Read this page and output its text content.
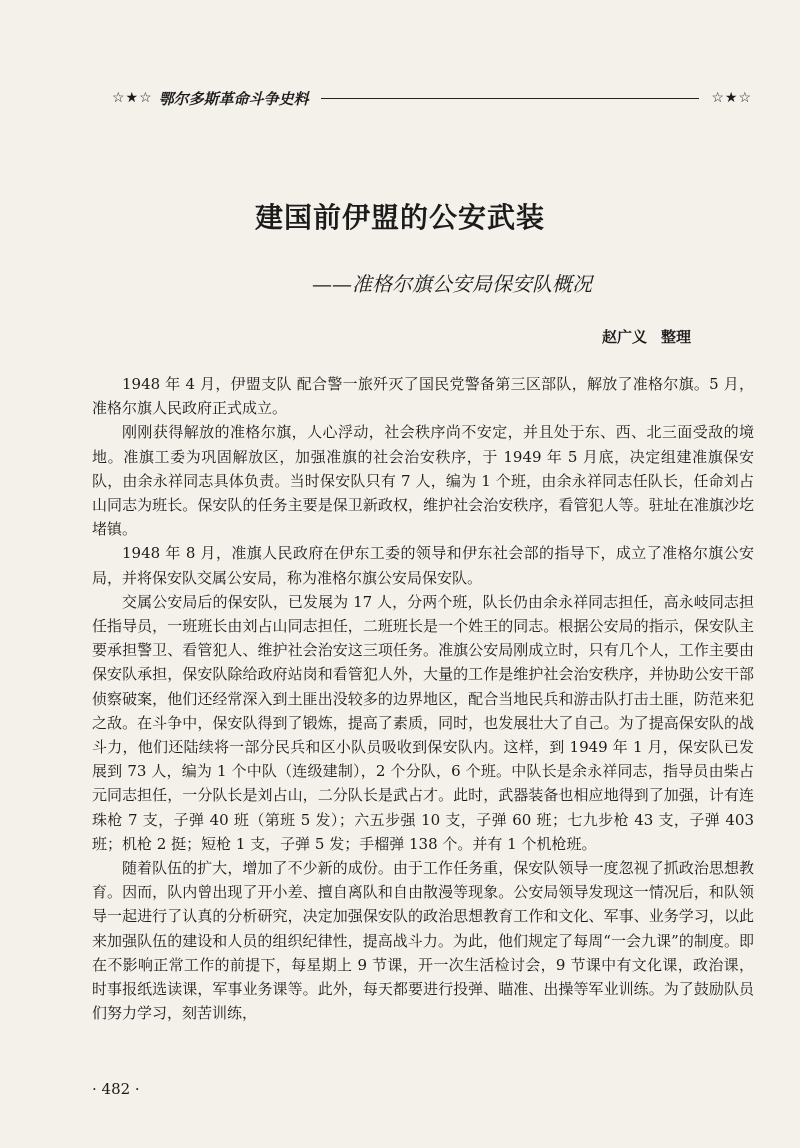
☆★☆ 鄂尔多斯革命斗争史料	☆★☆
建国前伊盟的公安武装
——准格尔旗公安局保安队概况
赵广义 整理

1948 年 4 月，伊盟支队 配合警一旅歼灭了国民党警备第三区部队，解放了准格尔旗。5 月，准格尔旗人民政府正式成立。

刚刚获得解放的准格尔旗，人心浮动，社会秩序尚不安定，并且处于东、西、北三面受敌的境地。准旗工委为巩固解放区，加强准旗的社会治安秩序，于 1949 年 5 月底，决定组建准旗保安队，由余永祥同志具体负责。当时保安队只有 7 人，编为 1 个班，由余永祥同志任队长，任命刘占山同志为班长。保安队的任务主要是保卫新政权，维护社会治安秩序，看管犯人等。驻址在准旗沙圪堵镇。

1948 年 8 月，准旗人民政府在伊东工委的领导和伊东社会部的指导下，成立了准格尔旗公安局，并将保安队交属公安局，称为准格尔旗公安局保安队。

交属公安局后的保安队，已发展为 17 人，分两个班，队长仍由余永祥同志担任，高永岐同志担任指导员，一班班长由刘占山同志担任，二班班长是一个姓王的同志。根据公安局的指示，保安队主要承担警卫、看管犯人、维护社会治安这三项任务。准旗公安局刚成立时，只有几个人，工作主要由保安队承担，保安队除给政府站岗和看管犯人外，大量的工作是维护社会治安秩序，并协助公安干部侦察破案，他们还经常深入到土匪出没较多的边界地区，配合当地民兵和游击队打击土匪，防范来犯之敌。在斗争中，保安队得到了锻炼，提高了素质，同时，也发展壮大了自己。为了提高保安队的战斗力，他们还陆续将一部分民兵和区小队员吸收到保安队内。这样，到 1949 年 1 月，保安队已发展到 73 人，编为 1 个中队（连级建制），2 个分队，6 个班。中队长是余永祥同志，指导员由柴占元同志担任，一分队长是刘占山，二分队长是武占才。此时，武器装备也相应地得到了加强，计有连珠枪 7 支，子弹 40 班（第班 5 发）；六五步强 10 支，子弹 60 班；七九步枪 43 支，子弹 403 班；机枪 2 挺；短枪 1 支，子弹 5 发；手榴弹 138 个。并有 1 个机枪班。

随着队伍的扩大，增加了不少新的成份。由于工作任务重，保安队领导一度忽视了抓政治思想教育。因而，队内曾出现了开小差、擅自离队和自由散漫等现象。公安局领导发现这一情况后，和队领导一起进行了认真的分析研究，决定加强保安队的政治思想教育工作和文化、军事、业务学习，以此来加强队伍的建设和人员的组织纪律性，提高战斗力。为此，他们规定了每周“一会九课”的制度。即在不影响正常工作的前提下，每星期上 9 节课，开一次生活检讨会，9 节课中有文化课，政治课，时事报纸选读课，军事业务课等。此外，每天都要进行投弹、瞄准、出操等军业训练。为了鼓励队员们努力学习，刻苦训练，

· 482 ·
